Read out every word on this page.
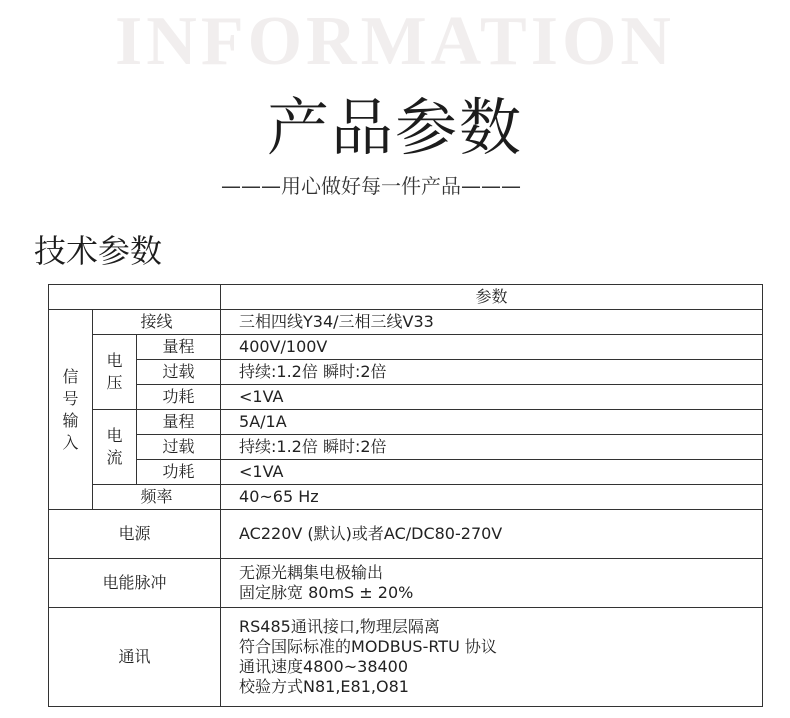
INFORMATION
产品参数
———用心做好每一件产品———
技术参数
			参数

信号输入	接线		三相四线Y34/三相三线V33

	电压	量程	400V/100V
		过载	持续:1.2倍 瞬时:2倍
		功耗	<1VA

	电流	量程	5A/1A
		过载	持续:1.2倍 瞬时:2倍
		功耗	<1VA
	频率		40~65 Hz
电源			AC220V (默认)或者AC/DC80-270V
电能脉冲			无源光耦集电极输出
固定脉宽 80mS ± 20%

通讯			RS485通讯接口,物理层隔离
符合国际标准的MODBUS-RTU 协议
通讯速度4800~38400
校验方式N81,E81,O81
